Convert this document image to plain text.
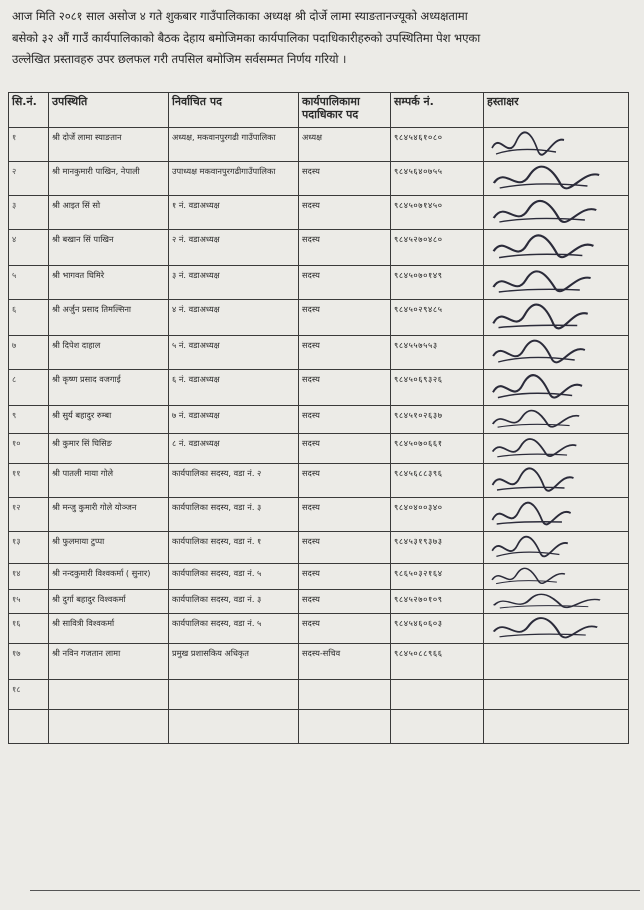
आज मिति २०८१ साल असोज ४ गते शुकबार गाउँपालिकाका अध्यक्ष श्री दोर्जे लामा स्याङतानज्यूको अध्यक्षतामा
बसेको ३२ औं गाउँ कार्यपालिकाको बैठक देहाय बमोजिमका कार्यपालिका पदाधिकारीहरुको उपस्थितिमा पेश भएका
उल्लेखित प्रस्तावहरु उपर छलफल गरी तपसिल बमोजिम सर्वसम्मत निर्णय गरियो ।
सि.नं.	उपस्थिति	निर्वाचित पद	कार्यपालिकामा पदाधिकार पद	सम्पर्क नं.	हस्ताक्षर
१	श्री दोर्जे लामा स्याङतान	अध्यक्ष, मकवानपुरगढी गाउँपालिका	अध्यक्ष	९८४५४६१०८०	

२	श्री मानकुमारी पाखिन, नेपाली	उपाध्यक्ष मकवानपुरगढीगाउँपालिका	सदस्य	९८४५६४०७५५	

३	श्री आइत सिं सो	१ नं. वडाअध्यक्ष	सदस्य	९८४५०७१४५०	

४	श्री बखान सिं पाखिन	२ नं. वडाअध्यक्ष	सदस्य	९८४५२७०४८०	

५	श्री भागवत घिमिरे	३ नं. वडाअध्यक्ष	सदस्य	९८४५०७०१४९	

६	श्री अर्जुन प्रसाद तिमल्सिना	४ नं. वडाअध्यक्ष	सदस्य	९८४५०२९४८५	

७	श्री दिपेश दाहाल	५ नं. वडाअध्यक्ष	सदस्य	९८४५५७५५३	

८	श्री कृष्ण प्रसाद वजगाई	६ नं. वडाअध्यक्ष	सदस्य	९८४५०६९३२६	

९	श्री सुर्य बहादुर रुम्बा	७ नं. वडाअध्यक्ष	सदस्य	९८४५१०२६३७	

१०	श्री कुमार सिं घिसिङ	८ नं. वडाअध्यक्ष	सदस्य	९८४५०७०६६१	

११	श्री पातली माया गोले	कार्यपालिका सदस्य, वडा नं. २	सदस्य	९८४५६८८३९६	

१२	श्री मन्जु कुमारी गोले योञ्जन	कार्यपालिका सदस्य, वडा नं. ३	सदस्य	९८४०४००३४०	

१३	श्री फुलमाया टुप्पा	कार्यपालिका सदस्य, वडा नं. १	सदस्य	९८४५३१९३७३	

१४	श्री नन्दकुमारी विश्वकर्मा ( सुनार)	कार्यपालिका सदस्य, वडा नं. ५	सदस्य	९८६५०३२१६४	

१५	श्री दुर्गा बहादुर विश्वकर्मा	कार्यपालिका सदस्य, वडा नं. ३	सदस्य	९८४५२७०१०९	

१६	श्री सावित्री विश्वकर्मा	कार्यपालिका सदस्य, वडा नं. ५	सदस्य	९८४५४६०६०३	

१७	श्री नविन गजतान लामा	प्रमुख प्रशासकिय अधिकृत	सदस्य-सचिव	९८४५०८८९६६	
१८					
